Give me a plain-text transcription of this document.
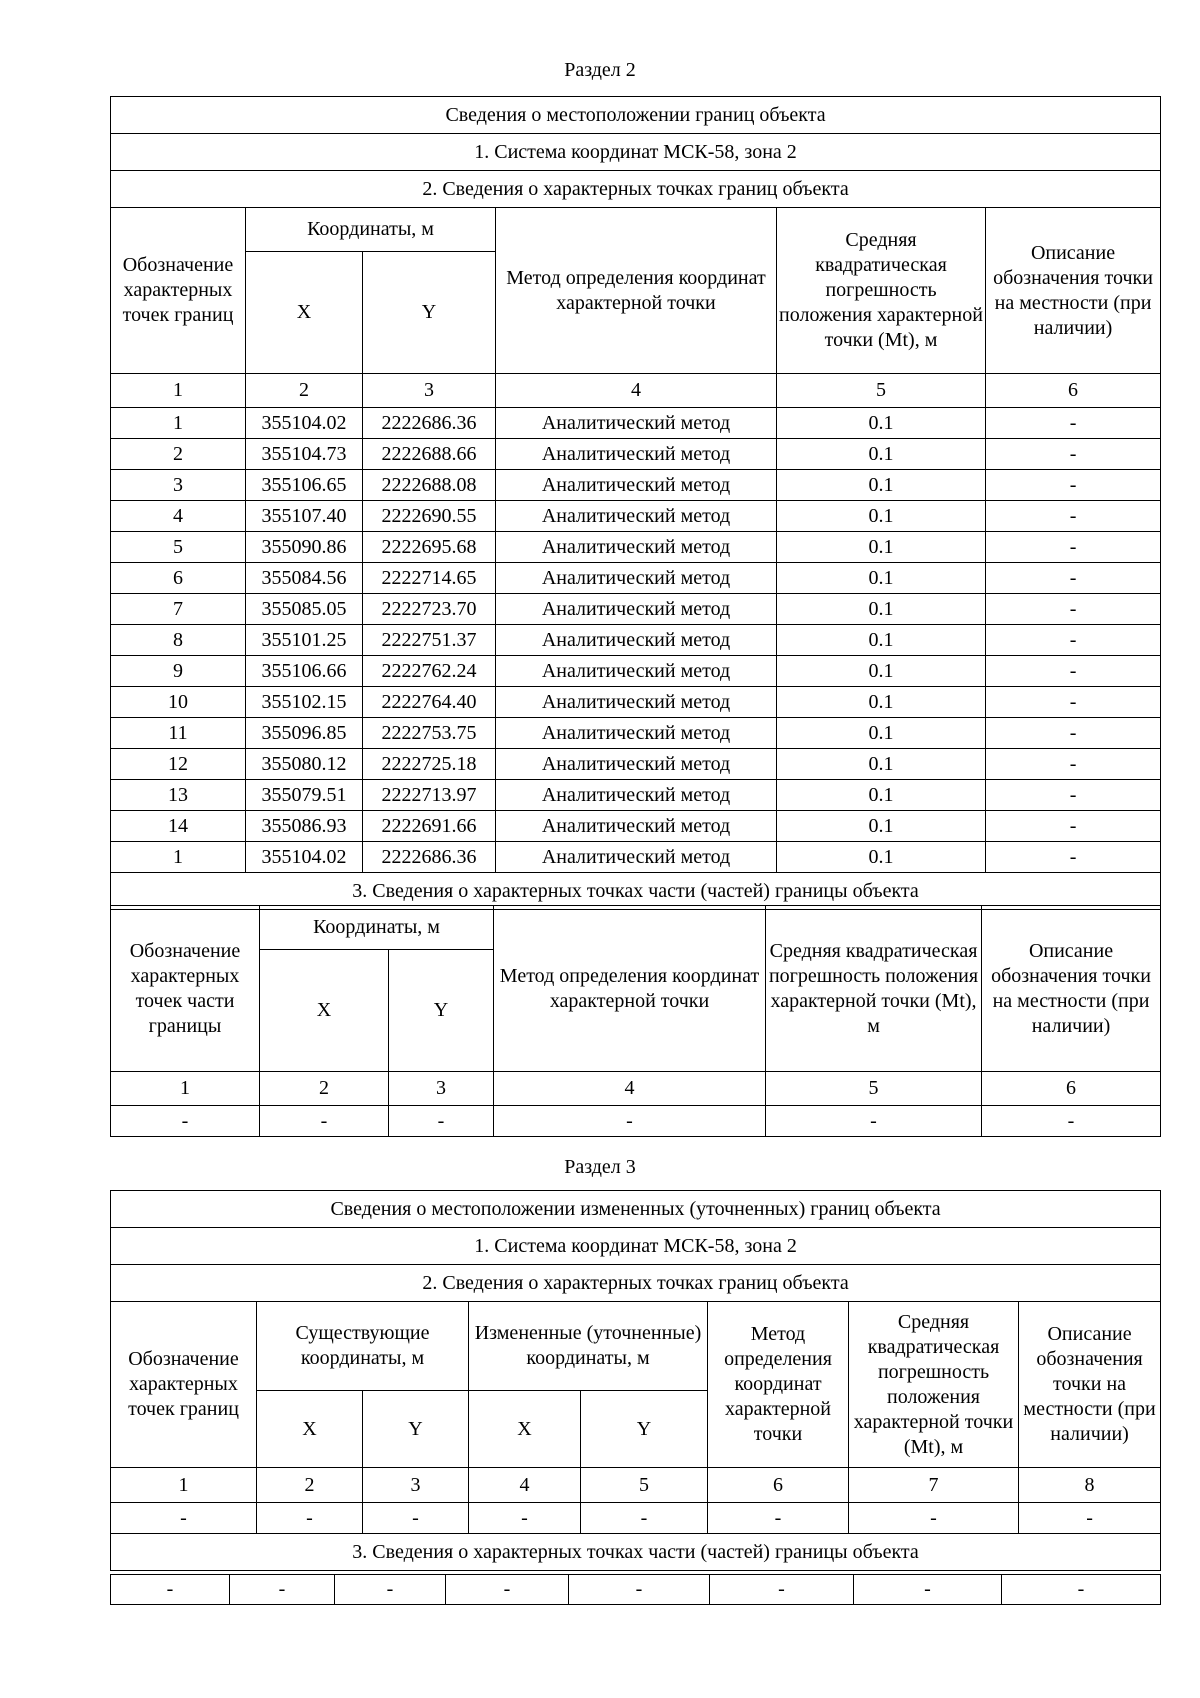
Раздел 2
Сведения о местоположении границ объекта					
1. Система координат МСК-58, зона 2					
2. Сведения о характерных точках границ объекта					
Обозначение характерных точек границ	Координаты, м		Метод определения координат характерной точки	Средняя квадратическая погрешность положения характерной точки (Mt), м	Описание обозначения точки на местности (при наличии)
	X	Y			
1	2	3	4	5	6
1	355104.02	2222686.36	Аналитический метод	0.1	-
2	355104.73	2222688.66	Аналитический метод	0.1	-
3	355106.65	2222688.08	Аналитический метод	0.1	-
4	355107.40	2222690.55	Аналитический метод	0.1	-
5	355090.86	2222695.68	Аналитический метод	0.1	-
6	355084.56	2222714.65	Аналитический метод	0.1	-
7	355085.05	2222723.70	Аналитический метод	0.1	-
8	355101.25	2222751.37	Аналитический метод	0.1	-
9	355106.66	2222762.24	Аналитический метод	0.1	-
10	355102.15	2222764.40	Аналитический метод	0.1	-
11	355096.85	2222753.75	Аналитический метод	0.1	-
12	355080.12	2222725.18	Аналитический метод	0.1	-
13	355079.51	2222713.97	Аналитический метод	0.1	-
14	355086.93	2222691.66	Аналитический метод	0.1	-
1	355104.02	2222686.36	Аналитический метод	0.1	-
3. Сведения о характерных точках части (частей) границы объекта					
Обозначение характерных точек части границы	Координаты, м		Метод определения координат характерной точки	Средняя квадратическая погрешность положения характерной точки (Mt), м	Описание обозначения точки на местности (при наличии)
	X	Y			
1	2	3	4	5	6
-	-	-	-	-	-
Раздел 3
Сведения о местоположении измененных (уточненных) границ объекта							
1. Система координат МСК-58, зона 2							
2. Сведения о характерных точках границ объекта							
Обозначение характерных точек границ	Существующие координаты, м		Измененные (уточненные) координаты, м		Метод определения координат характерной точки	Средняя квадратическая погрешность положения характерной точки (Mt), м	Описание обозначения точки на местности (при наличии)
	X	Y	X	Y			
1	2	3	4	5	6	7	8
-	-	-	-	-	-	-	-
3. Сведения о характерных точках части (частей) границы объекта							
-	-	-	-	-	-	-	-
